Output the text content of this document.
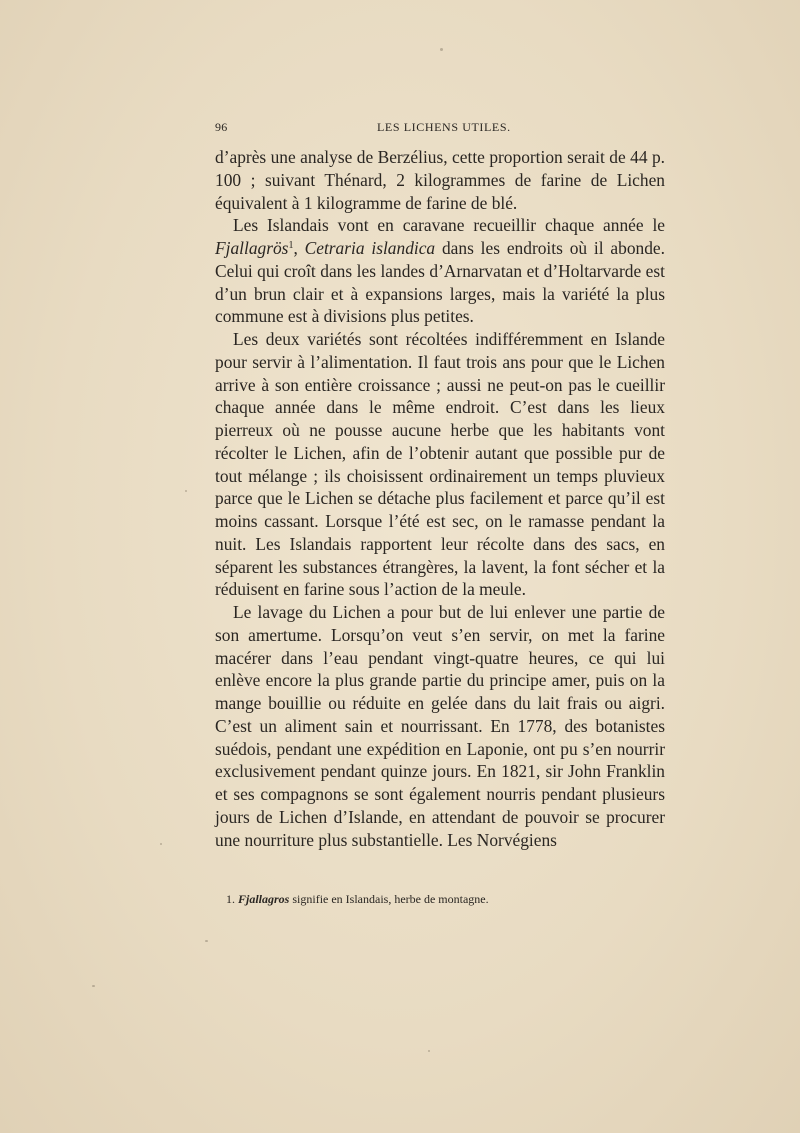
96	LES LICHENS UTILES.

d’après une analyse de Berzélius, cette proportion serait de 44 p. 100 ; suivant Thénard, 2 kilogrammes de farine de Lichen équivalent à 1 kilogramme de farine de blé.

Les Islandais vont en caravane recueillir chaque année le Fjallagrös$^1$, Cetraria islandica dans les endroits où il abonde. Celui qui croît dans les landes d’Arnarvatan et d’Holtarvarde est d’un brun clair et à expansions larges, mais la variété la plus commune est à divisions plus petites.

Les deux variétés sont récoltées indifféremment en Islande pour servir à l’alimentation. Il faut trois ans pour que le Lichen arrive à son entière croissance ; aussi ne peut-on pas le cueillir chaque année dans le même endroit. C’est dans les lieux pierreux où ne pousse aucune herbe que les habitants vont récolter le Lichen, afin de l’obtenir autant que possible pur de tout mélange ; ils choisissent ordinairement un temps pluvieux parce que le Lichen se détache plus facilement et parce qu’il est moins cassant. Lorsque l’été est sec, on le ramasse pendant la nuit. Les Islandais rapportent leur récolte dans des sacs, en séparent les substances étrangères, la lavent, la font sécher et la réduisent en farine sous l’action de la meule.

Le lavage du Lichen a pour but de lui enlever une partie de son amertume. Lorsqu’on veut s’en servir, on met la farine macérer dans l’eau pendant vingt-quatre heures, ce qui lui enlève encore la plus grande partie du principe amer, puis on la mange bouillie ou réduite en gelée dans du lait frais ou aigri. C’est un aliment sain et nourrissant. En 1778, des botanistes suédois, pendant une expédition en Laponie, ont pu s’en nourrir exclusivement pendant quinze jours. En 1821, sir John Franklin et ses compagnons se sont également nourris pendant plusieurs jours de Lichen d’Islande, en attendant de pouvoir se procurer une nourriture plus substantielle. Les Norvégiens

1. Fjallagros signifie en Islandais, herbe de montagne.
